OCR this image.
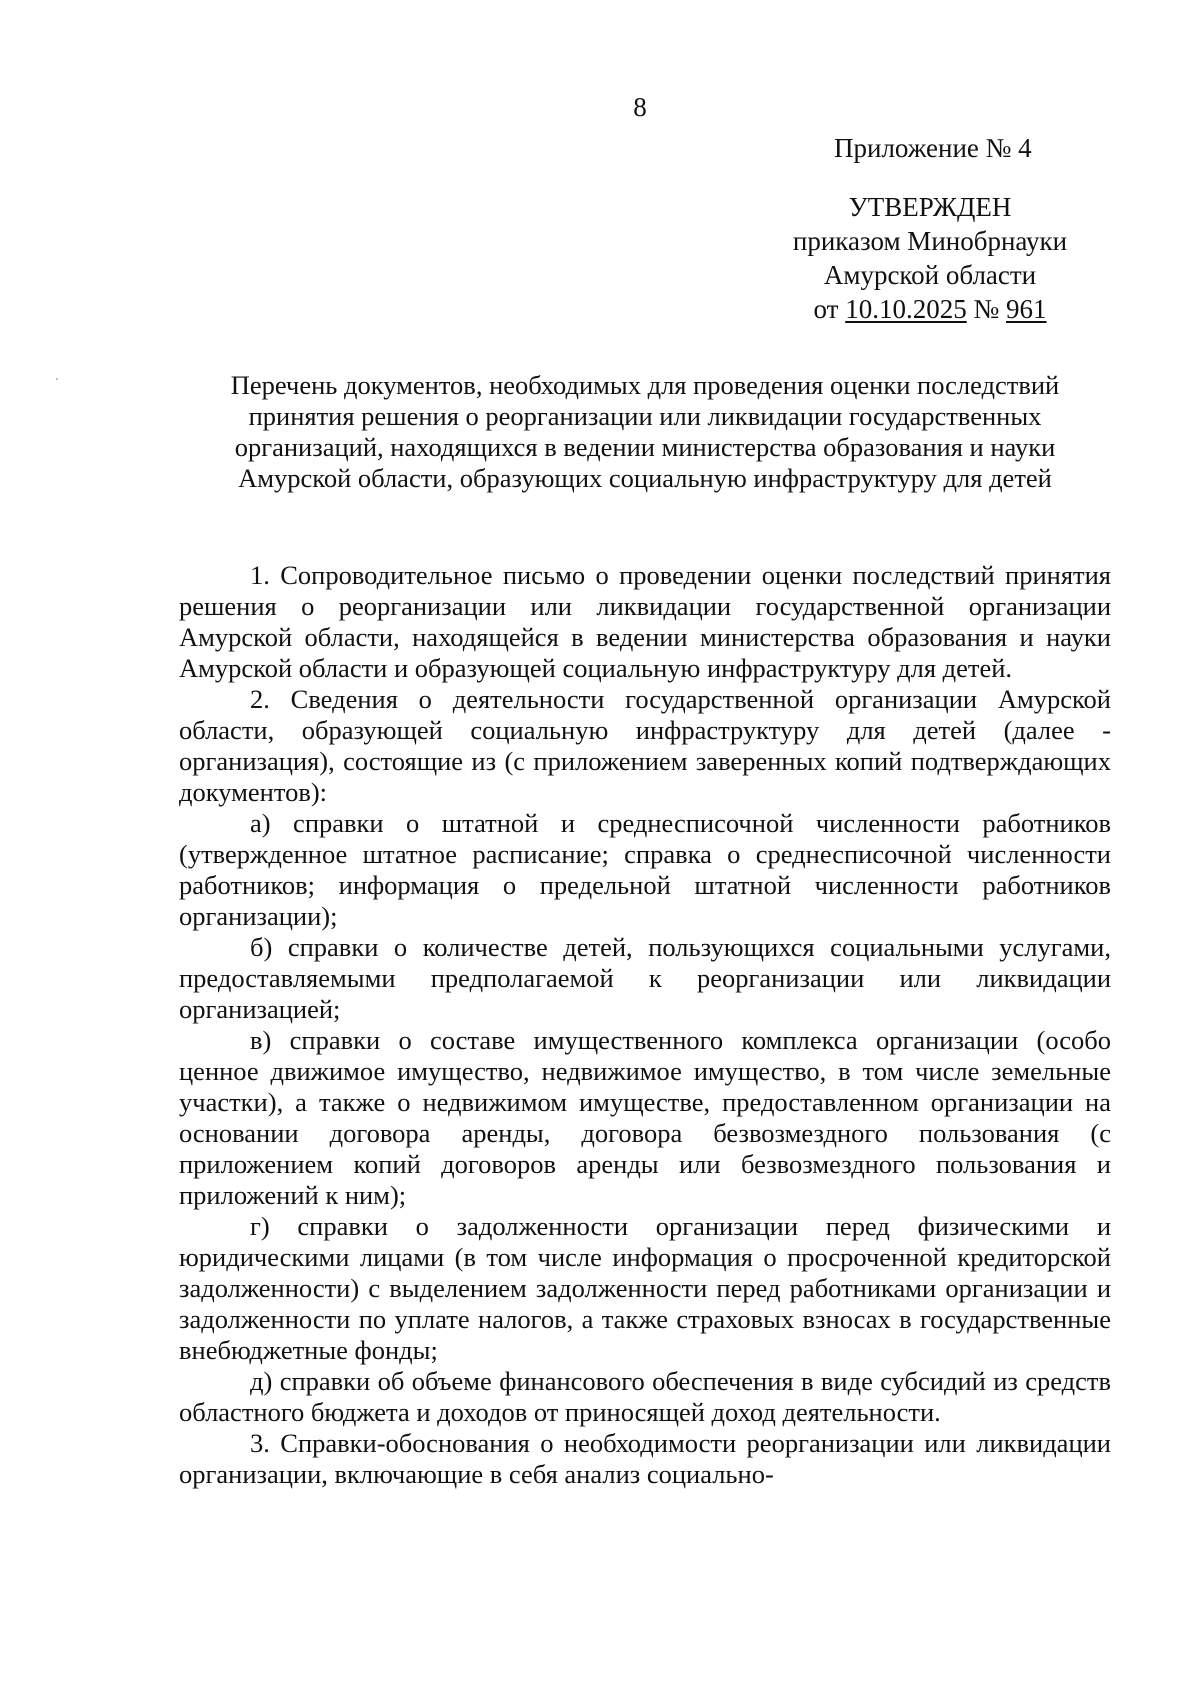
8
Приложение № 4
УТВЕРЖДЕН
приказом Минобрнауки
Амурской области
от 10.10.2025 № 961
Перечень документов, необходимых для проведения оценки последствий
принятия решения о реорганизации или ликвидации государственных
организаций, находящихся в ведении министерства образования и науки
Амурской области, образующих социальную инфраструктуру для детей

1. Сопроводительное письмо о проведении оценки последствий принятия решения о реорганизации или ликвидации государственной организации Амурской области, находящейся в ведении министерства образования и науки Амурской области и образующей социальную инфраструктуру для детей.

2. Сведения о деятельности государственной организации Амурской области, образующей социальную инфраструктуру для детей (далее - организация), состоящие из (с приложением заверенных копий подтверждающих документов):

а) справки о штатной и среднесписочной численности работников (утвержденное штатное расписание; справка о среднесписочной численности работников; информация о предельной штатной численности работников организации);

б) справки о количестве детей, пользующихся социальными услугами, предоставляемыми предполагаемой к реорганизации или ликвидации организацией;

в) справки о составе имущественного комплекса организации (особо ценное движимое имущество, недвижимое имущество, в том числе земельные участки), а также о недвижимом имуществе, предоставленном организации на основании договора аренды, договора безвозмездного пользования (с приложением копий договоров аренды или безвозмездного пользования и приложений к ним);

г) справки о задолженности организации перед физическими и юридическими лицами (в том числе информация о просроченной кредиторской задолженности) с выделением задолженности перед работниками организации и задолженности по уплате налогов, а также страховых взносах в государственные внебюджетные фонды;

д) справки об объеме финансового обеспечения в виде субсидий из средств областного бюджета и доходов от приносящей доход деятельности.

3. Справки-обоснования о необходимости реорганизации или ликвидации организации, включающие в себя анализ социально-
